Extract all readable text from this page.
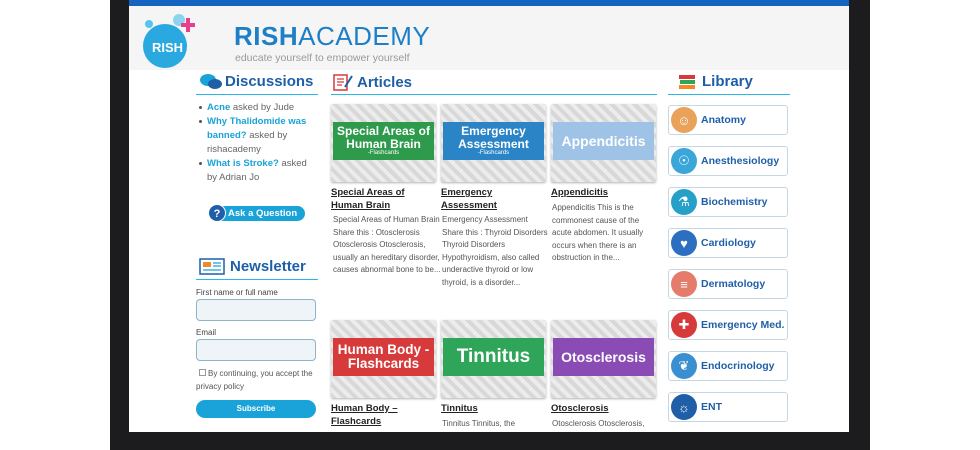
RISH RISHACADEMY
educate yourself to empower yourself
Discussions
Acne asked by Jude
Why Thalidomide was banned? asked by rishacademy
What is Stroke? asked by Adrian Jo
? Ask a Question
Newsletter
First name or full name
Email
By continuing, you accept the privacy policy
Subscribe
Articles
Special Areas of Human Brain
-Flashcards
Special Areas of Human Brain
Special Areas of Human Brain Share this : Otosclerosis Otosclerosis Otosclerosis, usually an hereditary disorder, causes abnormal bone to be...
Emergency Assessment
-Flashcards
Emergency Assessment
Emergency Assessment Share this : Thyroid Disorders Thyroid Disorders Hypothyroidism, also called underactive thyroid or low thyroid, is a disorder...
Appendicitis
Appendicitis
Appendicitis This is the commonest cause of the acute abdomen. It usually occurs when there is an obstruction in the...
Human Body -Flashcards
Human Body – Flashcards
Tinnitus
Tinnitus
Tinnitus Tinnitus, the
Otosclerosis
Otosclerosis
Otosclerosis Otosclerosis,
Library
☺ Anatomy
☉	Anesthesiology
⚗	Biochemistry
♥	Cardiology
≡	Dermatology
✚	Emergency Med.
❦	Endocrinology
☼	ENT
